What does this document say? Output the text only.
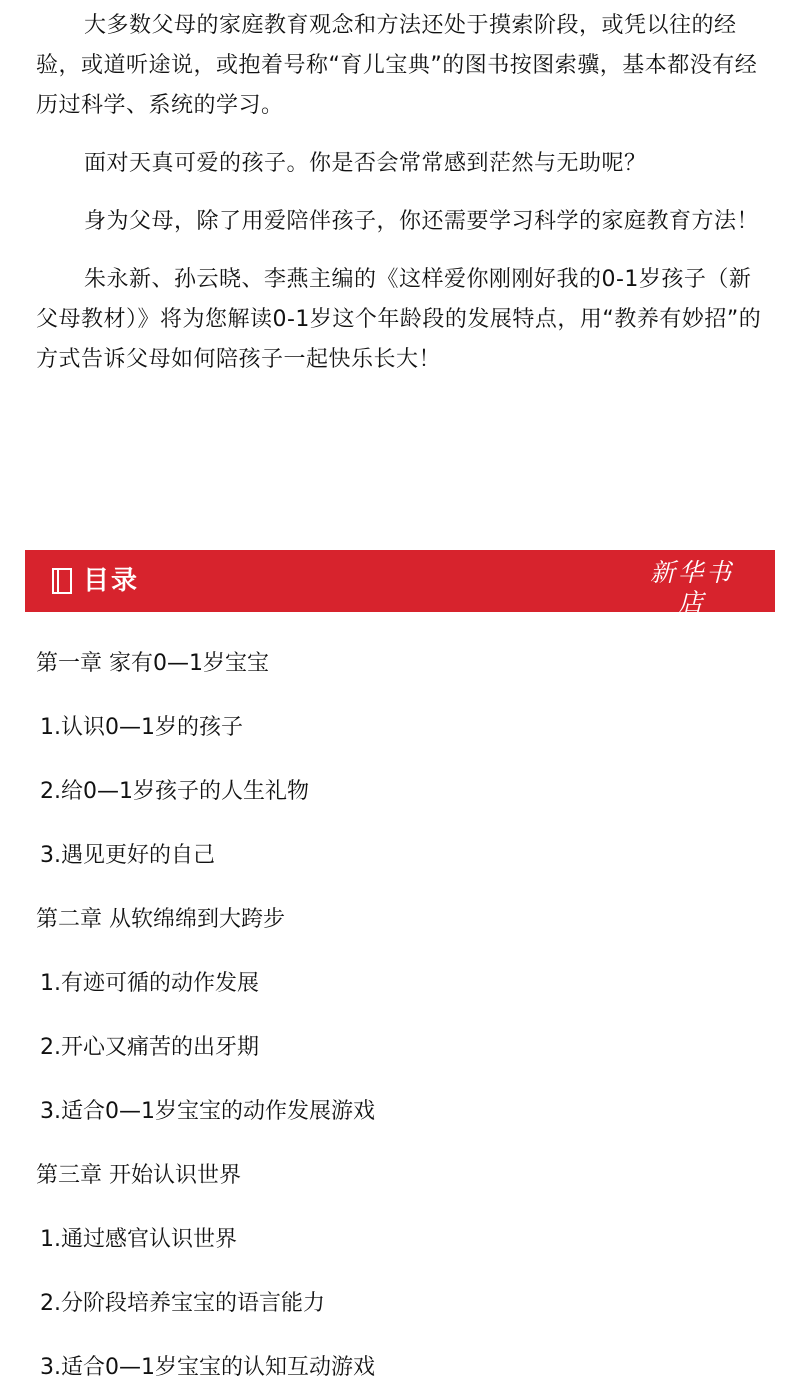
大多数父母的家庭教育观念和方法还处于摸索阶段，或凭以往的经验，或道听途说，或抱着号称“育儿宝典”的图书按图索骥，基本都没有经历过科学、系统的学习。

面对天真可爱的孩子。你是否会常常感到茫然与无助呢？

身为父母，除了用爱陪伴孩子，你还需要学习科学的家庭教育方法！

朱永新、孙云晓、李燕主编的《这样爱你刚刚好我的0-1岁孩子（新父母教材）》将为您解读0-1岁这个年龄段的发展特点，用“教养有妙招”的方式告诉父母如何陪孩子一起快乐长大！

目录	新华书店
XINHUA BOOKSTORE
第一章 家有0—1岁宝宝
1.认识0—1岁的孩子
2.给0—1岁孩子的人生礼物
3.遇见更好的自己
第二章 从软绵绵到大跨步
1.有迹可循的动作发展
2.开心又痛苦的出牙期
3.适合0—1岁宝宝的动作发展游戏
第三章 开始认识世界
1.通过感官认识世界
2.分阶段培养宝宝的语言能力
3.适合0—1岁宝宝的认知互动游戏
